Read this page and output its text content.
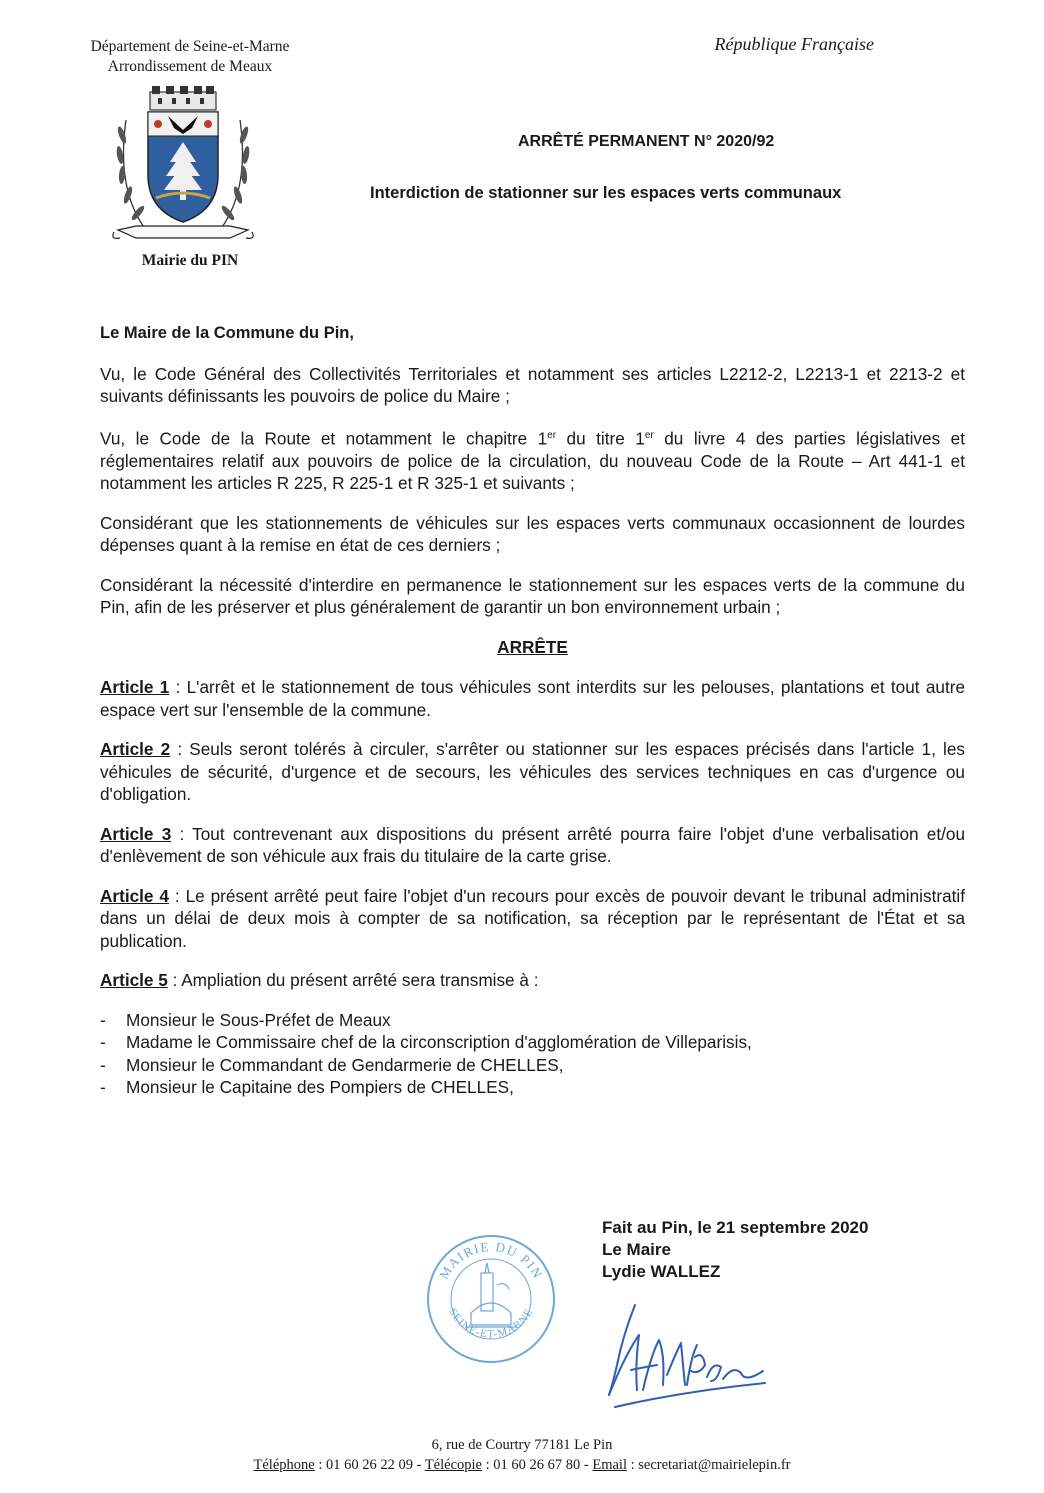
Département de Seine-et-Marne
Arrondissement de Meaux
République Française
Mairie du PIN
ARRÊTÉ PERMANENT N° 2020/92
Interdiction de stationner sur les espaces verts communaux

Le Maire de la Commune du Pin,

Vu, le Code Général des Collectivités Territoriales et notamment ses articles L2212-2, L2213-1 et 2213-2 et suivants définissants les pouvoirs de police du Maire ;

Vu, le Code de la Route et notamment le chapitre 1er du titre 1er du livre 4 des parties législatives et réglementaires relatif aux pouvoirs de police de la circulation, du nouveau Code de la Route – Art 441-1 et notamment les articles R 225, R 225-1 et R 325-1 et suivants ;

Considérant que les stationnements de véhicules sur les espaces verts communaux occasionnent de lourdes dépenses quant à la remise en état de ces derniers ;

Considérant la nécessité d'interdire en permanence le stationnement sur les espaces verts de la commune du Pin, afin de les préserver et plus généralement de garantir un bon environnement urbain ;

ARRÊTE

Article 1 : L'arrêt et le stationnement de tous véhicules sont interdits sur les pelouses, plantations et tout autre espace vert sur l'ensemble de la commune.

Article 2 : Seuls seront tolérés à circuler, s'arrêter ou stationner sur les espaces précisés dans l'article 1, les véhicules de sécurité, d'urgence et de secours, les véhicules des services techniques en cas d'urgence ou d'obligation.

Article 3 : Tout contrevenant aux dispositions du présent arrêté pourra faire l'objet d'une verbalisation et/ou d'enlèvement de son véhicule aux frais du titulaire de la carte grise.

Article 4 : Le présent arrêté peut faire l'objet d'un recours pour excès de pouvoir devant le tribunal administratif dans un délai de deux mois à compter de sa notification, sa réception par le représentant de l'État et sa publication.

Article 5 : Ampliation du présent arrêté sera transmise à :

- Monsieur le Sous-Préfet de Meaux
- Madame le Commissaire chef de la circonscription d'agglomération de Villeparisis,
- Monsieur le Commandant de Gendarmerie de CHELLES,
- Monsieur le Capitaine des Pompiers de CHELLES,
MAIRIE DU PIN
SEINE-ET-MARNE
Fait au Pin, le 21 septembre 2020
Le Maire
Lydie WALLEZ
6, rue de Courtry 77181 Le Pin
Téléphone : 01 60 26 22 09 - Télécopie : 01 60 26 67 80 - Email : secretariat@mairielepin.fr
